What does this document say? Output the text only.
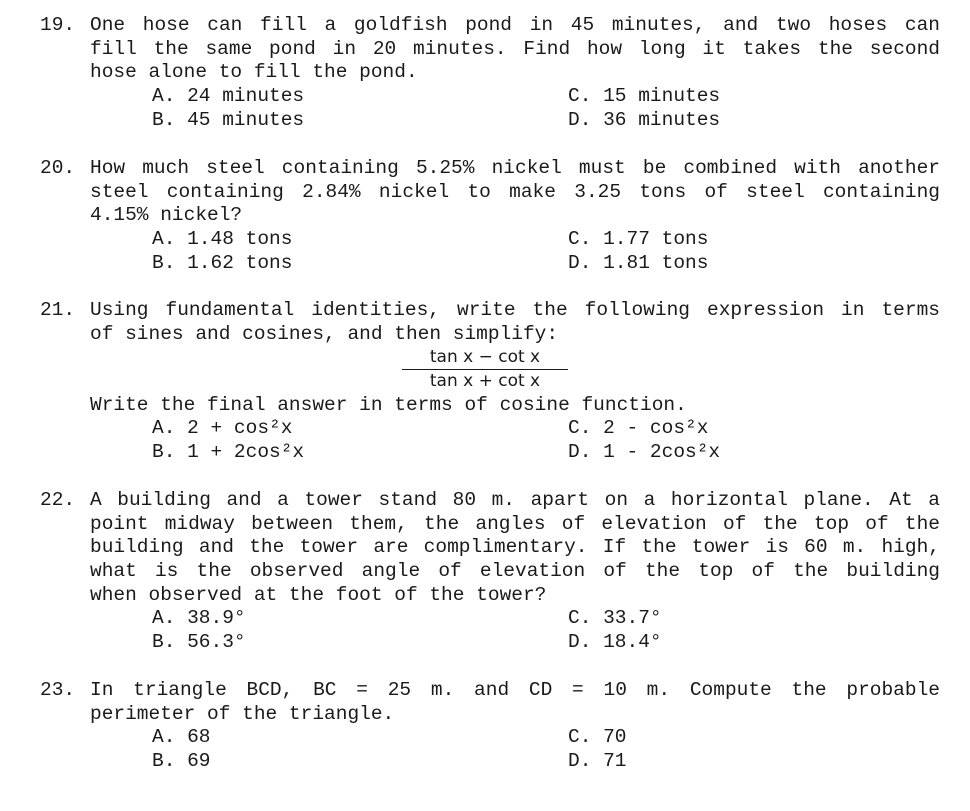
19. One hose can fill a goldfish pond in 45 minutes, and two hoses can
fill the same pond in 20 minutes. Find how long it takes the second
hose alone to fill the pond.
A. 24 minutes
B. 45 minutes
C. 15 minutes
D. 36 minutes
20. How much steel containing 5.25% nickel must be combined with another
steel containing 2.84% nickel to make 3.25 tons of steel containing
4.15% nickel?
A. 1.48 tons
B. 1.62 tons
C. 1.77 tons
D. 1.81 tons
21. Using fundamental identities, write the following expression in terms
of sines and cosines, and then simplify:
tan x − cot x
tan x + cot x
Write the final answer in terms of cosine function.
A. 2 + cos²x
B. 1 + 2cos²x
C. 2 - cos²x
D. 1 - 2cos²x
22. A building and a tower stand 80 m. apart on a horizontal plane. At a
point midway between them, the angles of elevation of the top of the
building and the tower are complimentary. If the tower is 60 m. high,
what is the observed angle of elevation of the top of the building
when observed at the foot of the tower?
A. 38.9°
B. 56.3°
C. 33.7°
D. 18.4°
23. In triangle BCD, BC = 25 m. and CD = 10 m. Compute the probable
perimeter of the triangle.
A. 68
B. 69
C. 70
D. 71
